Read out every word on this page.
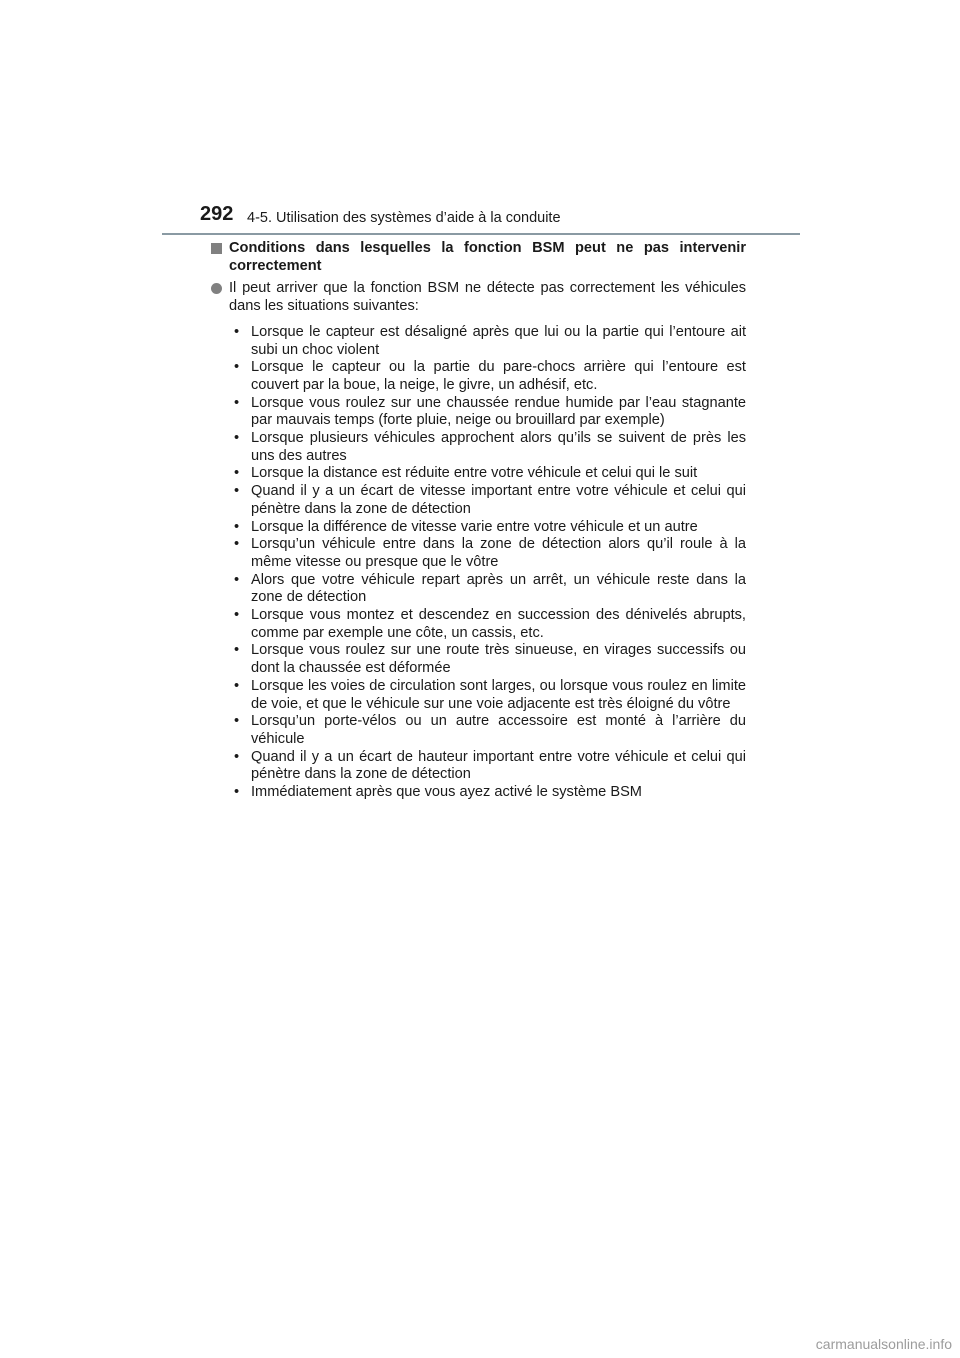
292 4-5. Utilisation des systèmes d’aide à la conduite
Conditions dans lesquelles la fonction BSM peut ne pas intervenir correctement
Il peut arriver que la fonction BSM ne détecte pas correctement les véhicules dans les situations suivantes:
• Lorsque le capteur est désaligné après que lui ou la partie qui l’entoure ait subi un choc violent
• Lorsque le capteur ou la partie du pare-chocs arrière qui l’entoure est couvert par la boue, la neige, le givre, un adhésif, etc.
• Lorsque vous roulez sur une chaussée rendue humide par l’eau stagnante par mauvais temps (forte pluie, neige ou brouillard par exemple)
• Lorsque plusieurs véhicules approchent alors qu’ils se suivent de près les uns des autres
• Lorsque la distance est réduite entre votre véhicule et celui qui le suit
• Quand il y a un écart de vitesse important entre votre véhicule et celui qui pénètre dans la zone de détection
• Lorsque la différence de vitesse varie entre votre véhicule et un autre
• Lorsqu’un véhicule entre dans la zone de détection alors qu’il roule à la même vitesse ou presque que le vôtre
• Alors que votre véhicule repart après un arrêt, un véhicule reste dans la zone de détection
• Lorsque vous montez et descendez en succession des dénivelés abrupts, comme par exemple une côte, un cassis, etc.
• Lorsque vous roulez sur une route très sinueuse, en virages successifs ou dont la chaussée est déformée
• Lorsque les voies de circulation sont larges, ou lorsque vous roulez en limite de voie, et que le véhicule sur une voie adjacente est très éloigné du vôtre
• Lorsqu’un porte-vélos ou un autre accessoire est monté à l’arrière du véhicule
• Quand il y a un écart de hauteur important entre votre véhicule et celui qui pénètre dans la zone de détection
• Immédiatement après que vous ayez activé le système BSM
carmanualsonline.info
